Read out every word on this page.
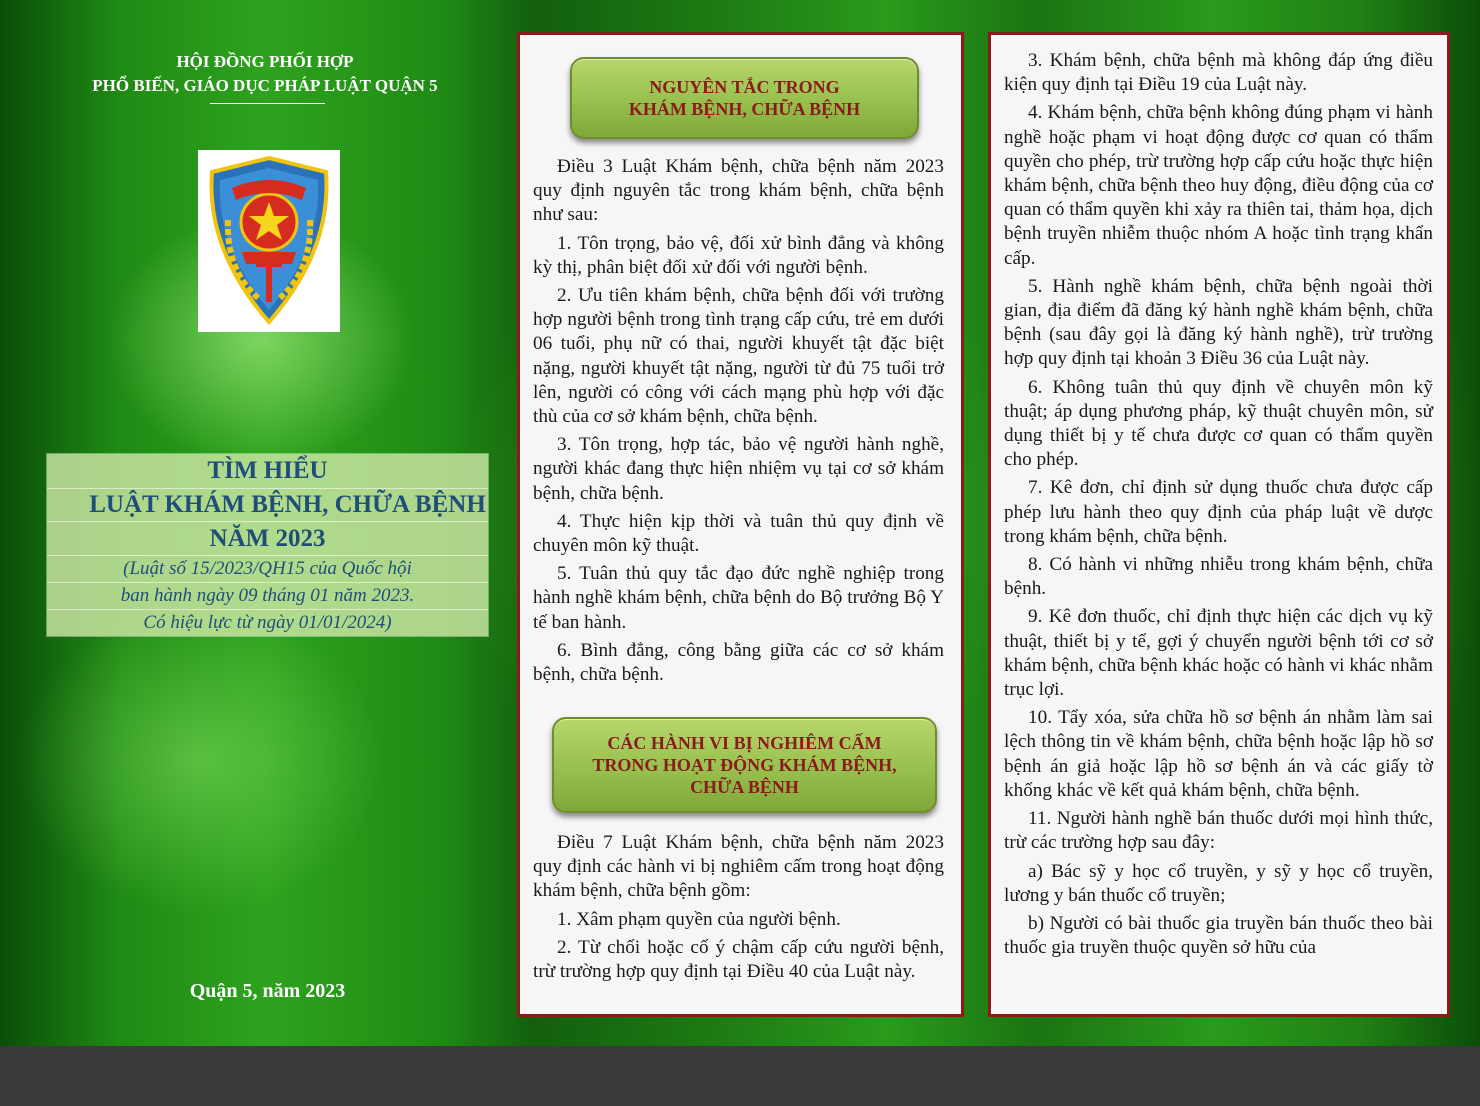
HỘI ĐỒNG PHỐI HỢP
PHỔ BIẾN, GIÁO DỤC PHÁP LUẬT QUẬN 5
TÌM HIỂU
LUẬT KHÁM BỆNH, CHỮA BỆNH
NĂM 2023
(Luật số 15/2023/QH15 của Quốc hội
ban hành ngày 09 tháng 01 năm 2023.
Có hiệu lực từ ngày 01/01/2024)
Quận 5, năm 2023
NGUYÊN TẮC TRONG
KHÁM BỆNH, CHỮA BỆNH

Điều 3 Luật Khám bệnh, chữa bệnh năm 2023 quy định nguyên tắc trong khám bệnh, chữa bệnh như sau:

1. Tôn trọng, bảo vệ, đối xử bình đẳng và không kỳ thị, phân biệt đối xử đối với người bệnh.

2. Ưu tiên khám bệnh, chữa bệnh đối với trường hợp người bệnh trong tình trạng cấp cứu, trẻ em dưới 06 tuổi, phụ nữ có thai, người khuyết tật đặc biệt nặng, người khuyết tật nặng, người từ đủ 75 tuổi trở lên, người có công với cách mạng phù hợp với đặc thù của cơ sở khám bệnh, chữa bệnh.

3. Tôn trọng, hợp tác, bảo vệ người hành nghề, người khác đang thực hiện nhiệm vụ tại cơ sở khám bệnh, chữa bệnh.

4. Thực hiện kịp thời và tuân thủ quy định về chuyên môn kỹ thuật.

5. Tuân thủ quy tắc đạo đức nghề nghiệp trong hành nghề khám bệnh, chữa bệnh do Bộ trưởng Bộ Y tế ban hành.

6. Bình đẳng, công bằng giữa các cơ sở khám bệnh, chữa bệnh.

CÁC HÀNH VI BỊ NGHIÊM CẤM
TRONG HOẠT ĐỘNG KHÁM BỆNH,
CHỮA BỆNH

Điều 7 Luật Khám bệnh, chữa bệnh năm 2023 quy định các hành vi bị nghiêm cấm trong hoạt động khám bệnh, chữa bệnh gồm:

1. Xâm phạm quyền của người bệnh.

2. Từ chối hoặc cố ý chậm cấp cứu người bệnh, trừ trường hợp quy định tại Điều 40 của Luật này.

3. Khám bệnh, chữa bệnh mà không đáp ứng điều kiện quy định tại Điều 19 của Luật này.

4. Khám bệnh, chữa bệnh không đúng phạm vi hành nghề hoặc phạm vi hoạt động được cơ quan có thẩm quyền cho phép, trừ trường hợp cấp cứu hoặc thực hiện khám bệnh, chữa bệnh theo huy động, điều động của cơ quan có thẩm quyền khi xảy ra thiên tai, thảm họa, dịch bệnh truyền nhiễm thuộc nhóm A hoặc tình trạng khẩn cấp.

5. Hành nghề khám bệnh, chữa bệnh ngoài thời gian, địa điểm đã đăng ký hành nghề khám bệnh, chữa bệnh (sau đây gọi là đăng ký hành nghề), trừ trường hợp quy định tại khoản 3 Điều 36 của Luật này.

6. Không tuân thủ quy định về chuyên môn kỹ thuật; áp dụng phương pháp, kỹ thuật chuyên môn, sử dụng thiết bị y tế chưa được cơ quan có thẩm quyền cho phép.

7. Kê đơn, chỉ định sử dụng thuốc chưa được cấp phép lưu hành theo quy định của pháp luật về dược trong khám bệnh, chữa bệnh.

8. Có hành vi những nhiễu trong khám bệnh, chữa bệnh.

9. Kê đơn thuốc, chỉ định thực hiện các dịch vụ kỹ thuật, thiết bị y tế, gợi ý chuyển người bệnh tới cơ sở khám bệnh, chữa bệnh khác hoặc có hành vi khác nhằm trục lợi.

10. Tẩy xóa, sửa chữa hồ sơ bệnh án nhằm làm sai lệch thông tin về khám bệnh, chữa bệnh hoặc lập hồ sơ bệnh án giả hoặc lập hồ sơ bệnh án và các giấy tờ khống khác về kết quả khám bệnh, chữa bệnh.

11. Người hành nghề bán thuốc dưới mọi hình thức, trừ các trường hợp sau đây:

a) Bác sỹ y học cổ truyền, y sỹ y học cổ truyền, lương y bán thuốc cổ truyền;

b) Người có bài thuốc gia truyền bán thuốc theo bài thuốc gia truyền thuộc quyền sở hữu của
